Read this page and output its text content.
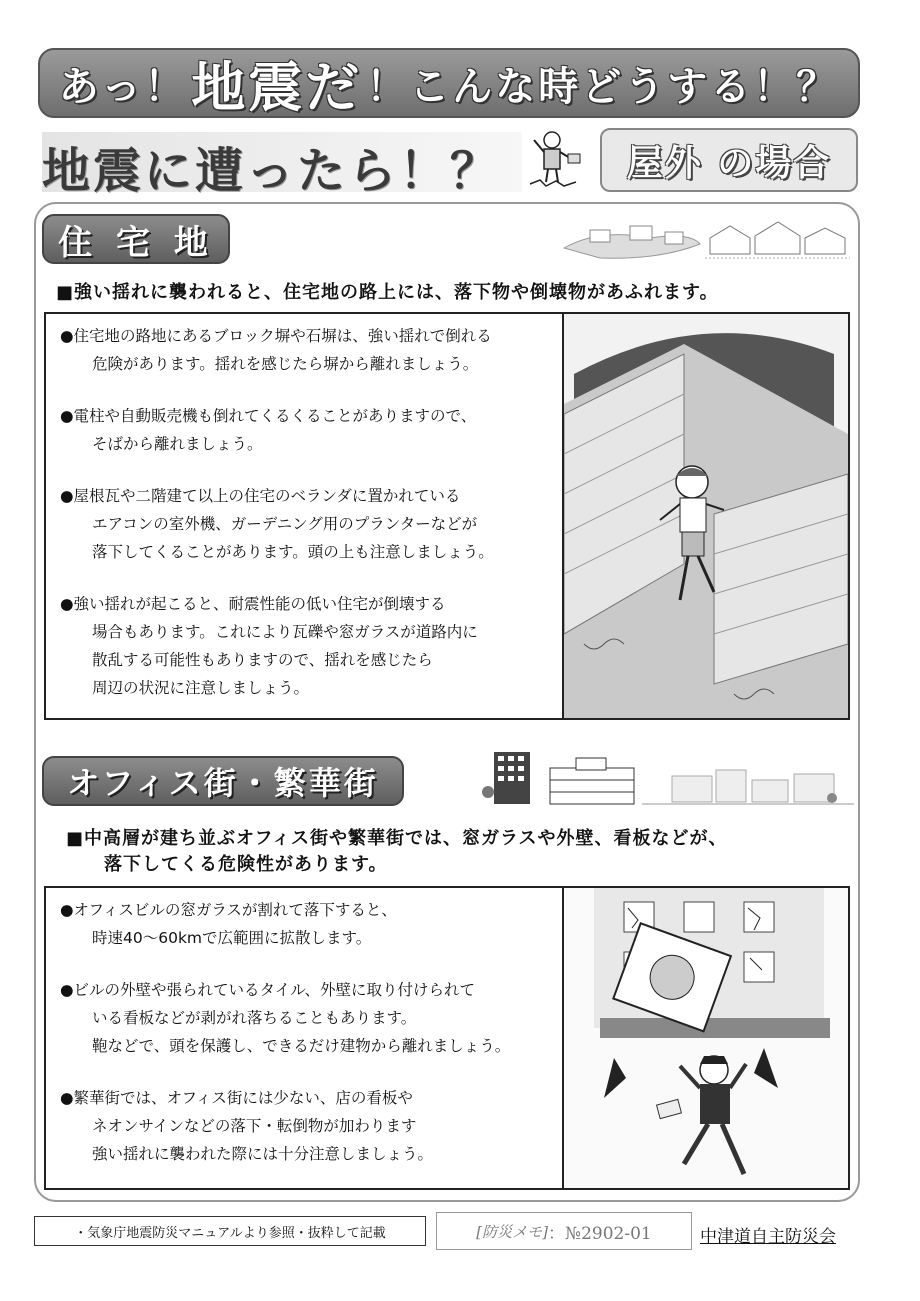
あっ！ 地震だ ！こんな時どうする！？
地震に遭ったら！？	屋外 の場合
住 宅 地
■強い揺れに襲われると、住宅地の路上には、落下物や倒壊物があふれます。
●住宅地の路地にあるブロック塀や石塀は、強い揺れで倒れる
危険があります。揺れを感じたら塀から離れましょう。
●電柱や自動販売機も倒れてくるくることがありますので、
そばから離れましょう。
●屋根瓦や二階建て以上の住宅のベランダに置かれている
エアコンの室外機、ガーデニング用のプランターなどが
落下してくることがあります。頭の上も注意しましょう。
●強い揺れが起こると、耐震性能の低い住宅が倒壊する
場合もあります。これにより瓦礫や窓ガラスが道路内に
散乱する可能性もありますので、揺れを感じたら
周辺の状況に注意しましょう。
オフィス街・繁華街
■中高層が建ち並ぶオフィス街や繁華街では、窓ガラスや外壁、看板などが、
落下してくる危険性があります。
●オフィスビルの窓ガラスが割れて落下すると、
時速40〜60kmで広範囲に拡散します。
●ビルの外壁や張られているタイル、外壁に取り付けられて
いる看板などが剥がれ落ちることもあります。
鞄などで、頭を保護し、できるだけ建物から離れましょう。
●繁華街では、オフィス街には少ない、店の看板や
ネオンサインなどの落下・転倒物が加わります
強い揺れに襲われた際には十分注意しましょう。
・気象庁地震防災マニュアルより参照・抜粋して記載	[防災メモ] ：№2902-01	中津道自主防災会
